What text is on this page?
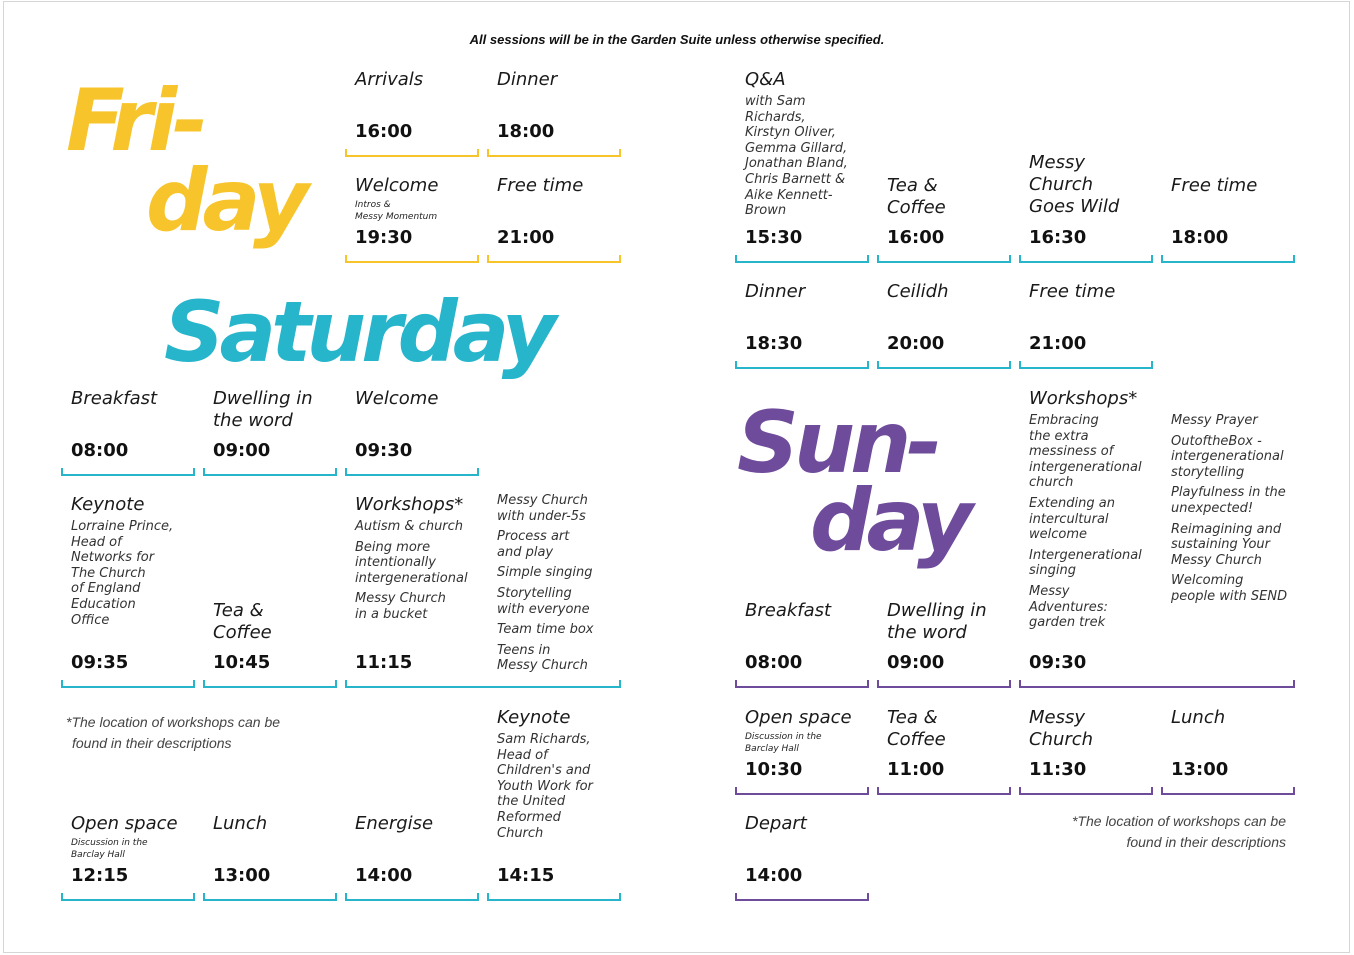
All sessions will be in the Garden Suite unless otherwise specified.
Fri-
day
Saturday
Sun-
day
Arrivals
16:00
Dinner
18:00
Welcome
Intros &
Messy Momentum
19:30
Free time
21:00
Breakfast
08:00
Dwelling in
the word
09:00
Welcome
09:30
Keynote
Lorraine Prince,
Head of
Networks for
The Church
of England
Education
Office
09:35
Tea &
Coffee
10:45
Workshops*

Autism & church

Being more
intentionally
intergenerational

Messy Church
in a bucket

Messy Church
with under-5s

Process art
and play

Simple singing

Storytelling
with everyone

Team time box

Teens in
Messy Church

11:15
*The location of workshops can be
found in their descriptions
Open space
Discussion in the
Barclay Hall
12:15
Lunch
13:00
Energise
14:00
Keynote
Sam Richards,
Head of
Children's and
Youth Work for
the United
Reformed
Church
14:15
Q&A
with Sam
Richards,
Kirstyn Oliver,
Gemma Gillard,
Jonathan Bland,
Chris Barnett &
Aike Kennett-
Brown
15:30
Tea &
Coffee
16:00
Messy
Church
Goes Wild
16:30
Free time
18:00
Dinner
18:30
Ceilidh
20:00
Free time
21:00
Breakfast
08:00
Dwelling in
the word
09:00
Workshops*

Embracing
the extra
messiness of
intergenerational
church

Extending an
intercultural
welcome

Intergenerational
singing

Messy
Adventures:
garden trek

Messy Prayer

OutoftheBox -
intergenerational
storytelling

Playfulness in the
unexpected!

Reimagining and
sustaining Your
Messy Church

Welcoming
people with SEND

09:30
Open space
Discussion in the
Barclay Hall
10:30
Tea &
Coffee
11:00
Messy
Church
11:30
Lunch
13:00
Depart
14:00
*The location of workshops can be
found in their descriptions
